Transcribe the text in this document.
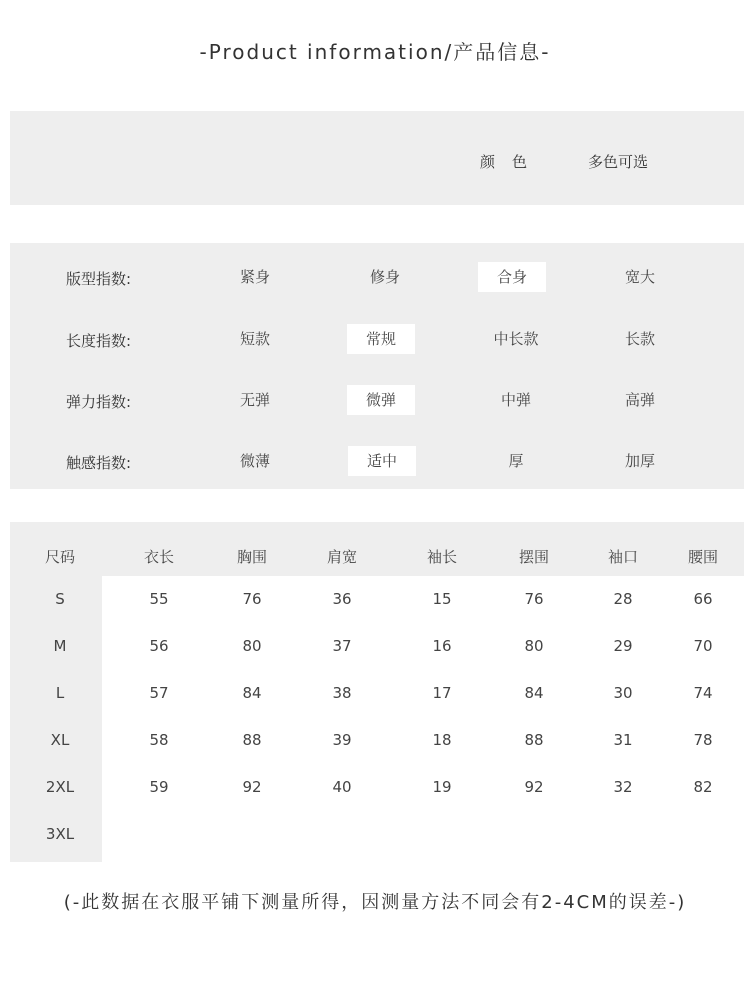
-Product information/产品信息-
颜　色	多色可选
版型指数:	紧身	修身	合身	宽大
长度指数:	短款	常规	中长款	长款
弹力指数:	无弹	微弹	中弹	高弹
触感指数:	微薄	适中	厚	加厚
尺码	衣长	胸围	肩宽	袖长	摆围	袖口	腰围
S	55	76	36	15	76	28	66
M	56	80	37	16	80	29	70
L	57	84	38	17	84	30	74
XL	58	88	39	18	88	31	78
2XL	59	92	40	19	92	32	82
3XL
(-此数据在衣服平铺下测量所得，因测量方法不同会有2-4CM的误差-)
